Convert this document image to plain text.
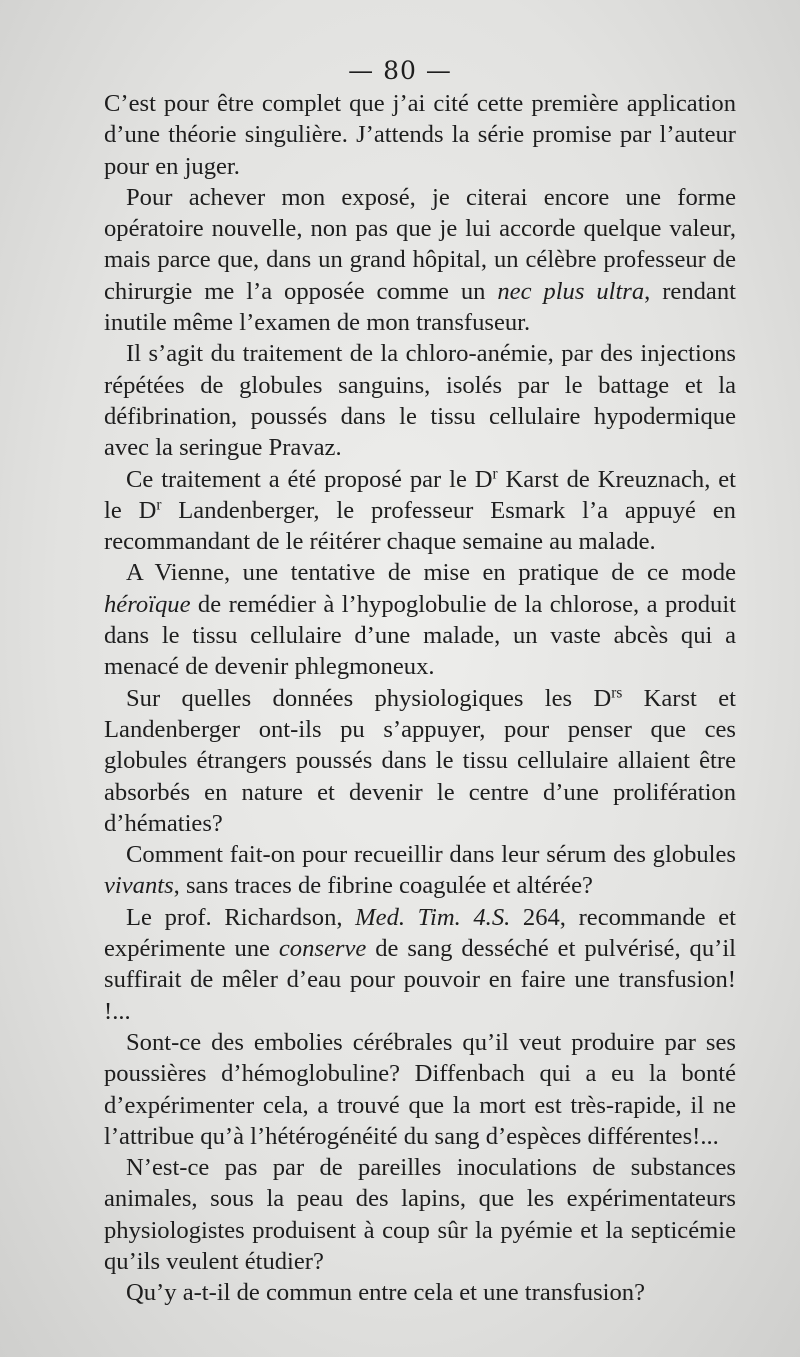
— 80 —

C’est pour être complet que j’ai cité cette première application d’une théorie singulière. J’attends la série promise par l’auteur pour en juger.

Pour achever mon exposé, je citerai encore une forme opératoire nouvelle, non pas que je lui accorde quelque valeur, mais parce que, dans un grand hôpital, un célèbre professeur de chirurgie me l’a opposée comme un nec plus ultra, rendant inutile même l’examen de mon transfuseur.

Il s’agit du traitement de la chloro-anémie, par des injections répétées de globules sanguins, isolés par le battage et la défibrination, poussés dans le tissu cellulaire hypodermique avec la seringue Pravaz.

Ce traitement a été proposé par le $D^r$ Karst de Kreuznach, et le $D^r$ Landenberger, le professeur Esmark l’a appuyé en recommandant de le réitérer chaque semaine au malade.

A Vienne, une tentative de mise en pratique de ce mode héroïque de remédier à l’hypoglobulie de la chlorose, a produit dans le tissu cellulaire d’une malade, un vaste abcès qui a menacé de devenir phlegmoneux.

Sur quelles données physiologiques les $D^{rs}$ Karst et Landenberger ont-ils pu s’appuyer, pour penser que ces globules étrangers poussés dans le tissu cellulaire allaient être absorbés en nature et devenir le centre d’une prolifération d’hématies?

Comment fait-on pour recueillir dans leur sérum des globules vivants, sans traces de fibrine coagulée et altérée?

Le prof. Richardson, Med. Tim. 4.S. 264, recommande et expérimente une conserve de sang desséché et pulvérisé, qu’il suffirait de mêler d’eau pour pouvoir en faire une transfusion! !...

Sont-ce des embolies cérébrales qu’il veut produire par ses poussières d’hémoglobuline? Diffenbach qui a eu la bonté d’expérimenter cela, a trouvé que la mort est très-rapide, il ne l’attribue qu’à l’hétérogénéité du sang d’espèces différentes!...

N’est-ce pas par de pareilles inoculations de substances animales, sous la peau des lapins, que les expérimentateurs physiologistes produisent à coup sûr la pyémie et la septicémie qu’ils veulent étudier?

Qu’y a-t-il de commun entre cela et une transfusion?
